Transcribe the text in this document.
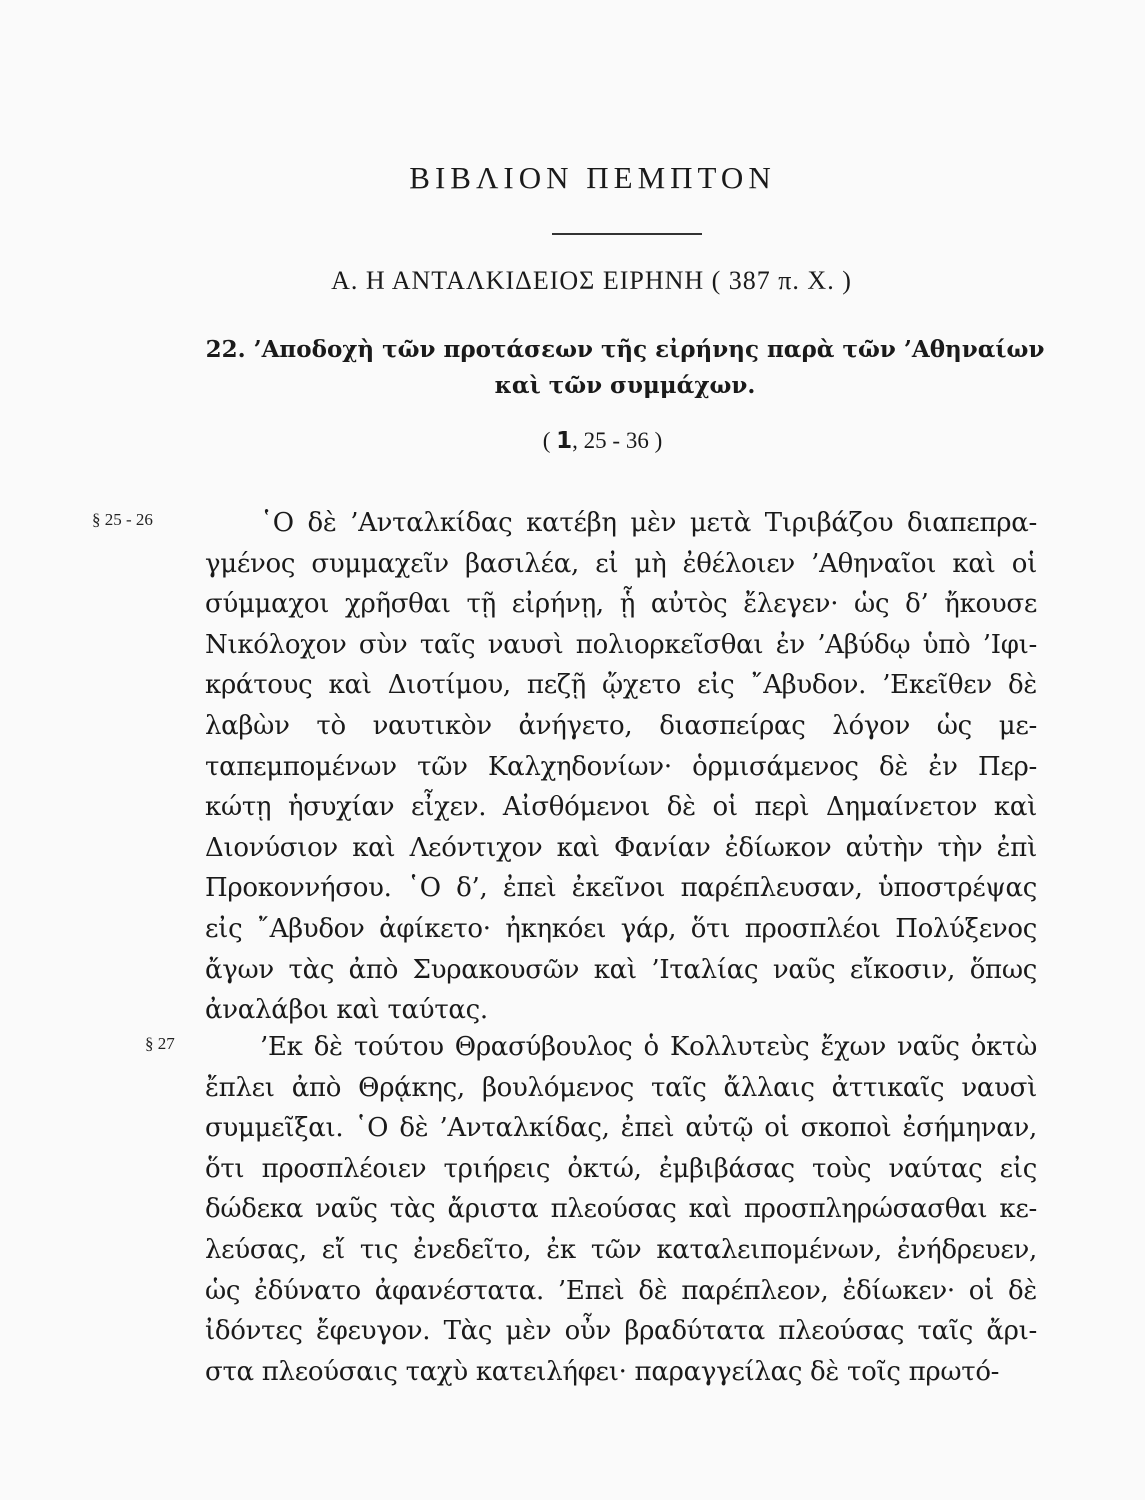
ΒΙΒΛΙΟΝ ΠΕΜΠΤΟΝ
Α. Η ΑΝΤΑΛΚΙΔΕΙΟΣ ΕΙΡΗΝΗ ( 387 π. Χ. )
22. ’Αποδοχὴ τῶν προτάσεων τῆς εἰρήνης παρὰ τῶν ’Αθηναίων
καὶ τῶν συμμάχων.
( 1, 25 - 36 )
§ 25 - 26	῾Ο δὲ ’Ανταλκίδας κατέβη μὲν μετὰ Τιριβάζου διαπεπρα-
γμένος συμμαχεῖν βασιλέα, εἰ μὴ ἐθέλοιεν ’Αθηναῖοι καὶ οἱ
σύμμαχοι χρῆσθαι τῇ εἰρήνῃ, ᾗ αὐτὸς ἔλεγεν· ὡς δ’ ἤκουσε
Νικόλοχον σὺν ταῖς ναυσὶ πολιορκεῖσθαι ἐν ’Αβύδῳ ὑπὸ ’Ιφι-
κράτους καὶ Διοτίμου, πεζῇ ᾤχετο εἰς ῎Αβυδον. ’Εκεῖθεν δὲ
λαβὼν τὸ ναυτικὸν ἀνήγετο, διασπείρας λόγον ὡς με-
ταπεμπομένων τῶν Καλχηδονίων· ὁρμισάμενος δὲ ἐν Περ-
κώτῃ ἡσυχίαν εἶχεν. Αἰσθόμενοι δὲ οἱ περὶ Δημαίνετον καὶ
Διονύσιον καὶ Λεόντιχον καὶ Φανίαν ἐδίωκον αὐτὴν τὴν ἐπὶ
Προκοννήσου. ῾Ο δ’, ἐπεὶ ἐκεῖνοι παρέπλευσαν, ὑποστρέψας
εἰς ῎Αβυδον ἀφίκετο· ἠκηκόει γάρ, ὅτι προσπλέοι Πολύξενος
ἄγων τὰς ἀπὸ Συρακουσῶν καὶ ’Ιταλίας ναῦς εἴκοσιν, ὅπως
ἀναλάβοι καὶ ταύτας.
§ 27	’Εκ δὲ τούτου Θρασύβουλος ὁ Κολλυτεὺς ἔχων ναῦς ὀκτὼ
ἔπλει ἀπὸ Θρᾴκης, βουλόμενος ταῖς ἄλλαις ἀττικαῖς ναυσὶ
συμμεῖξαι. ῾Ο δὲ ’Ανταλκίδας, ἐπεὶ αὐτῷ οἱ σκοποὶ ἐσήμηναν,
ὅτι προσπλέοιεν τριήρεις ὀκτώ, ἐμβιβάσας τοὺς ναύτας εἰς
δώδεκα ναῦς τὰς ἄριστα πλεούσας καὶ προσπληρώσασθαι κε-
λεύσας, εἴ τις ἐνεδεῖτο, ἐκ τῶν καταλειπομένων, ἐνήδρευεν,
ὡς ἐδύνατο ἀφανέστατα. ’Επεὶ δὲ παρέπλεον, ἐδίωκεν· οἱ δὲ
ἰδόντες ἔφευγον. Τὰς μὲν οὖν βραδύτατα πλεούσας ταῖς ἄρι-
στα πλεούσαις ταχὺ κατειλήφει· παραγγείλας δὲ τοῖς πρωτό-
